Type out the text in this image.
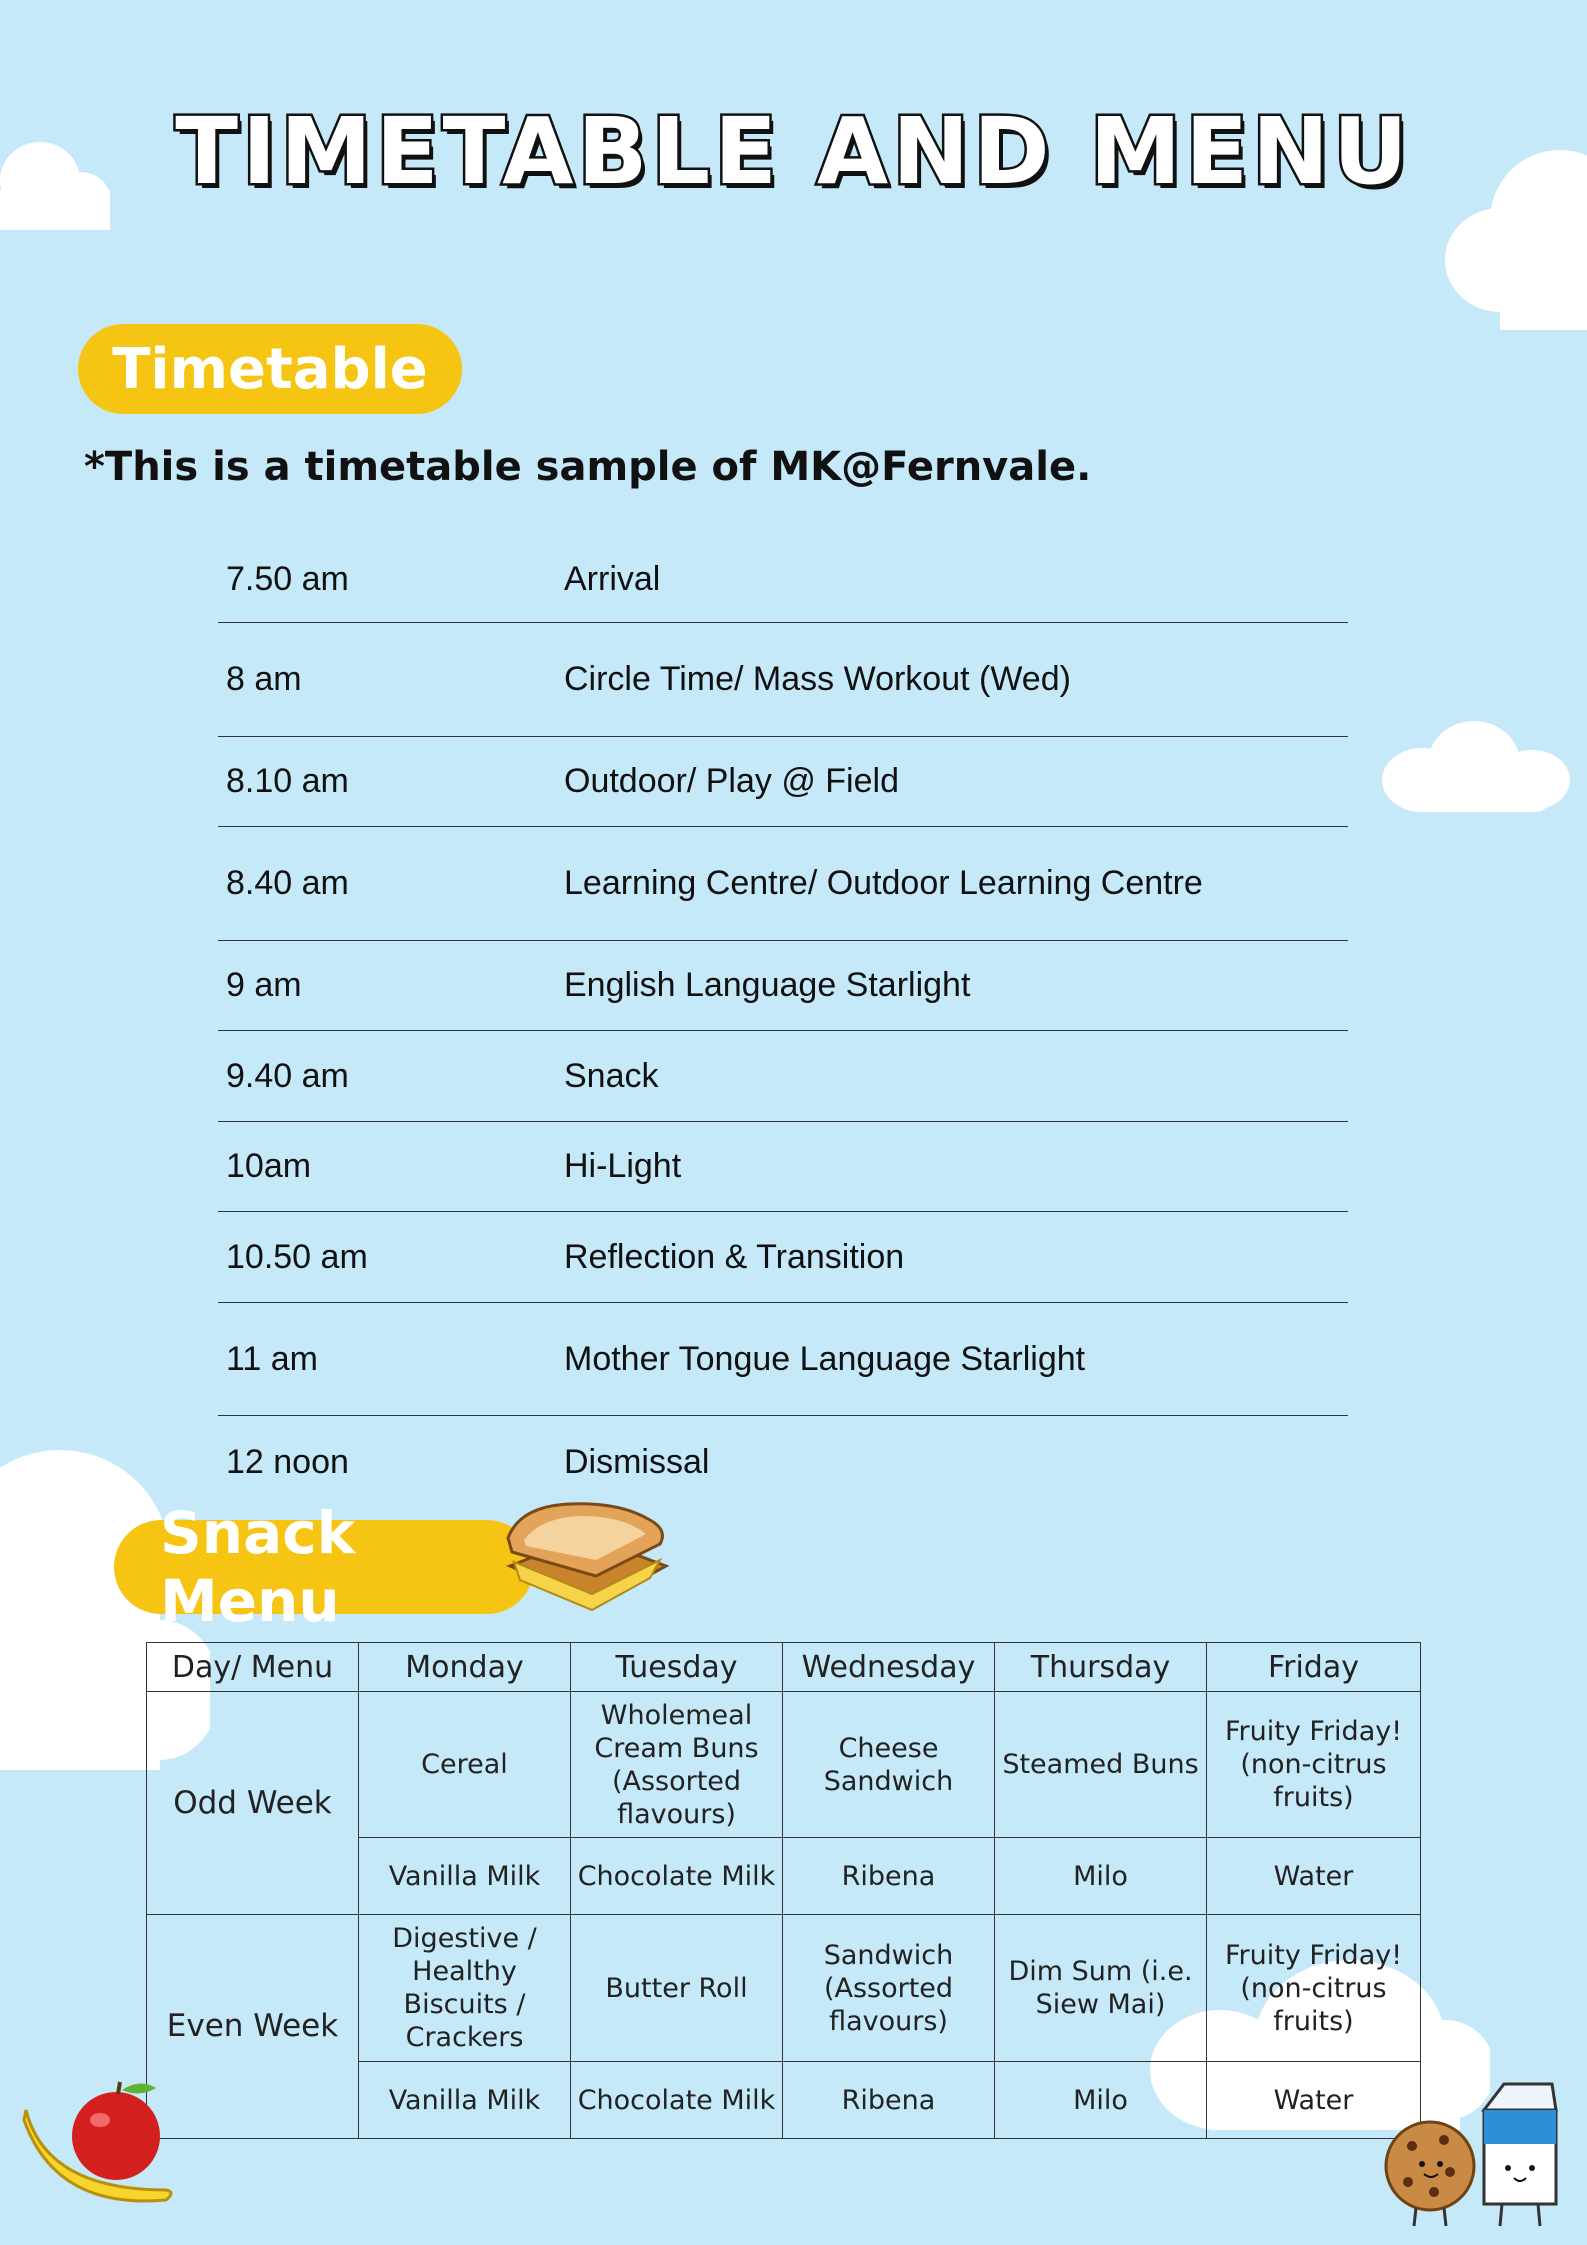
TIMETABLE AND MENU
Timetable
*This is a timetable sample of MK@Fernvale.
7.50 am	Arrival
8 am	Circle Time/ Mass Workout (Wed)
8.10 am	Outdoor/ Play @ Field
8.40 am	Learning Centre/ Outdoor Learning Centre
9 am	English Language Starlight
9.40 am	Snack
10am	Hi-Light
10.50 am	Reflection & Transition
11 am	Mother Tongue Language Starlight
12 noon	Dismissal
Snack Menu
Day/ Menu	Monday	Tuesday	Wednesday	Thursday	Friday
Odd Week	Cereal	Wholemeal Cream Buns (Assorted flavours)	Cheese Sandwich	Steamed Buns	Fruity Friday! (non-citrus fruits)
	Vanilla Milk	Chocolate Milk	Ribena	Milo	Water
Even Week	Digestive / Healthy Biscuits / Crackers	Butter Roll	Sandwich (Assorted flavours)	Dim Sum (i.e. Siew Mai)	Fruity Friday! (non-citrus fruits)
	Vanilla Milk	Chocolate Milk	Ribena	Milo	Water
